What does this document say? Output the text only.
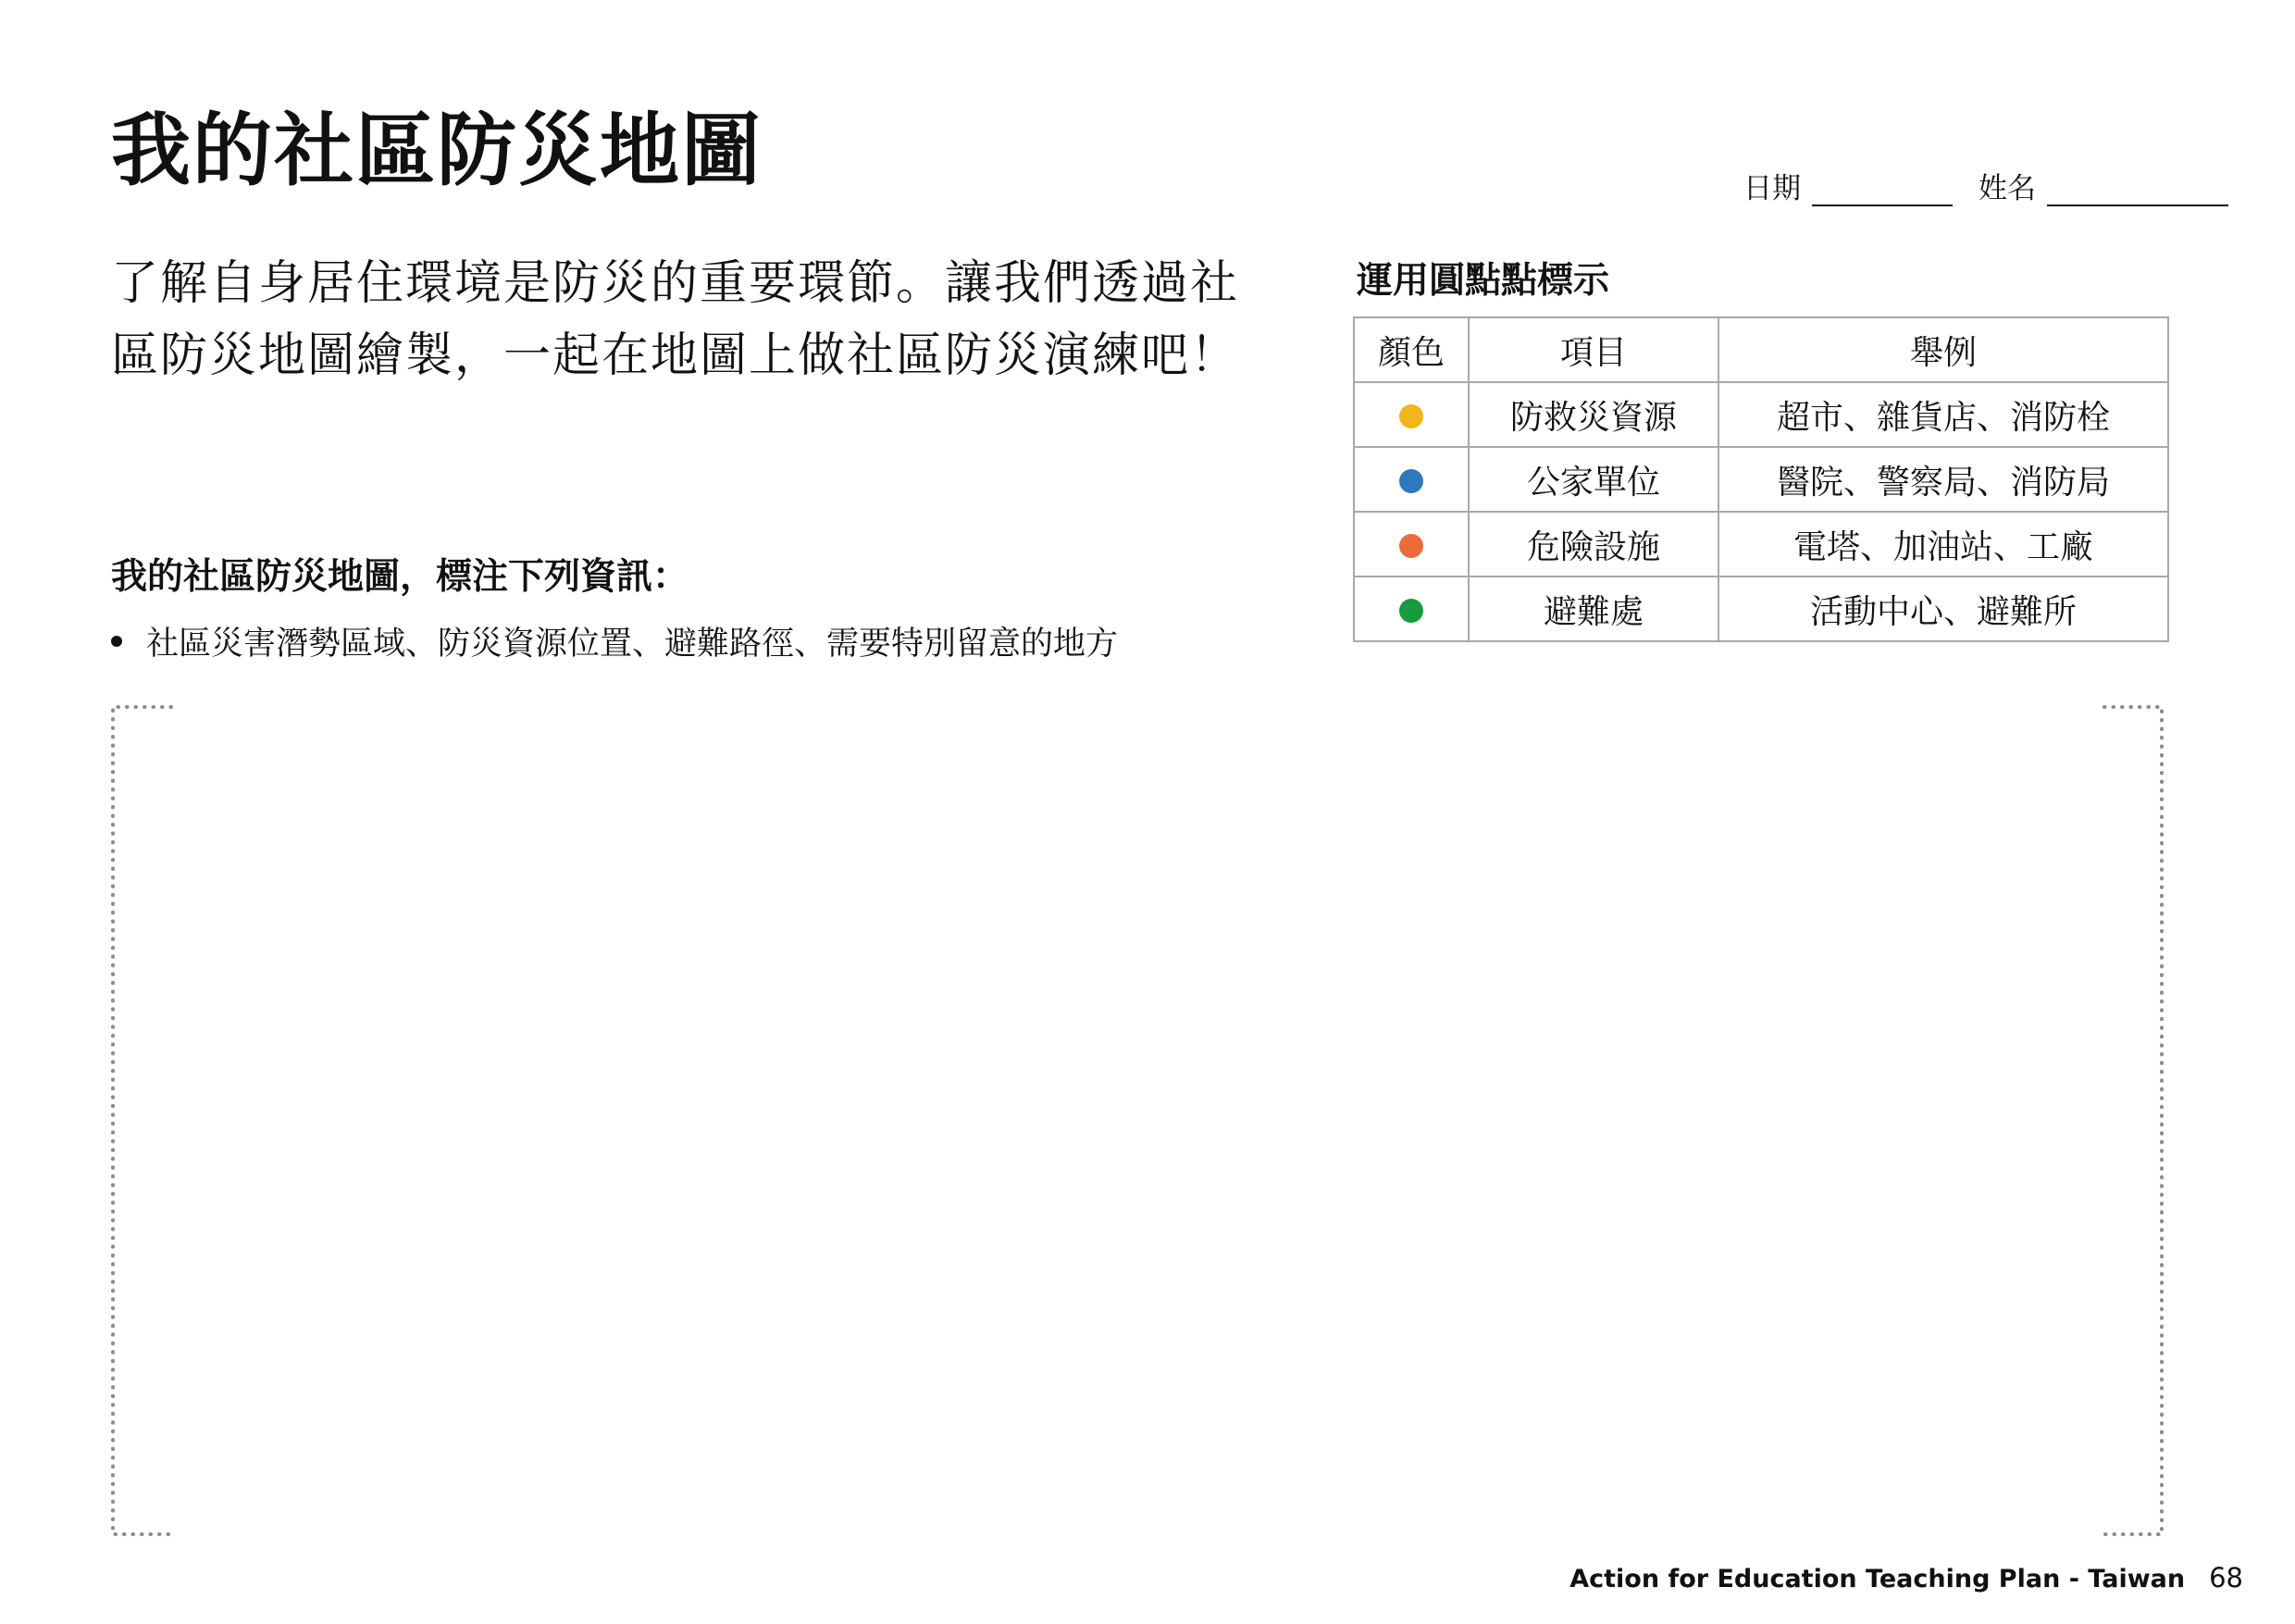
我的社區防災地圖	日期	姓名
了解自身居住環境是防災的重要環節。讓我們透過社區防災地圖繪製，一起在地圖上做社區防災演練吧！
我的社區防災地圖，標注下列資訊：
社區災害潛勢區域、防災資源位置、避難路徑、需要特別留意的地方
運用圓點點標示
顏色	項目	舉例
	防救災資源	超市、雜貨店、消防栓
	公家單位	醫院、警察局、消防局
	危險設施	電塔、加油站、工廠
	避難處	活動中心、避難所
Action for Education Teaching Plan - Taiwan 68
